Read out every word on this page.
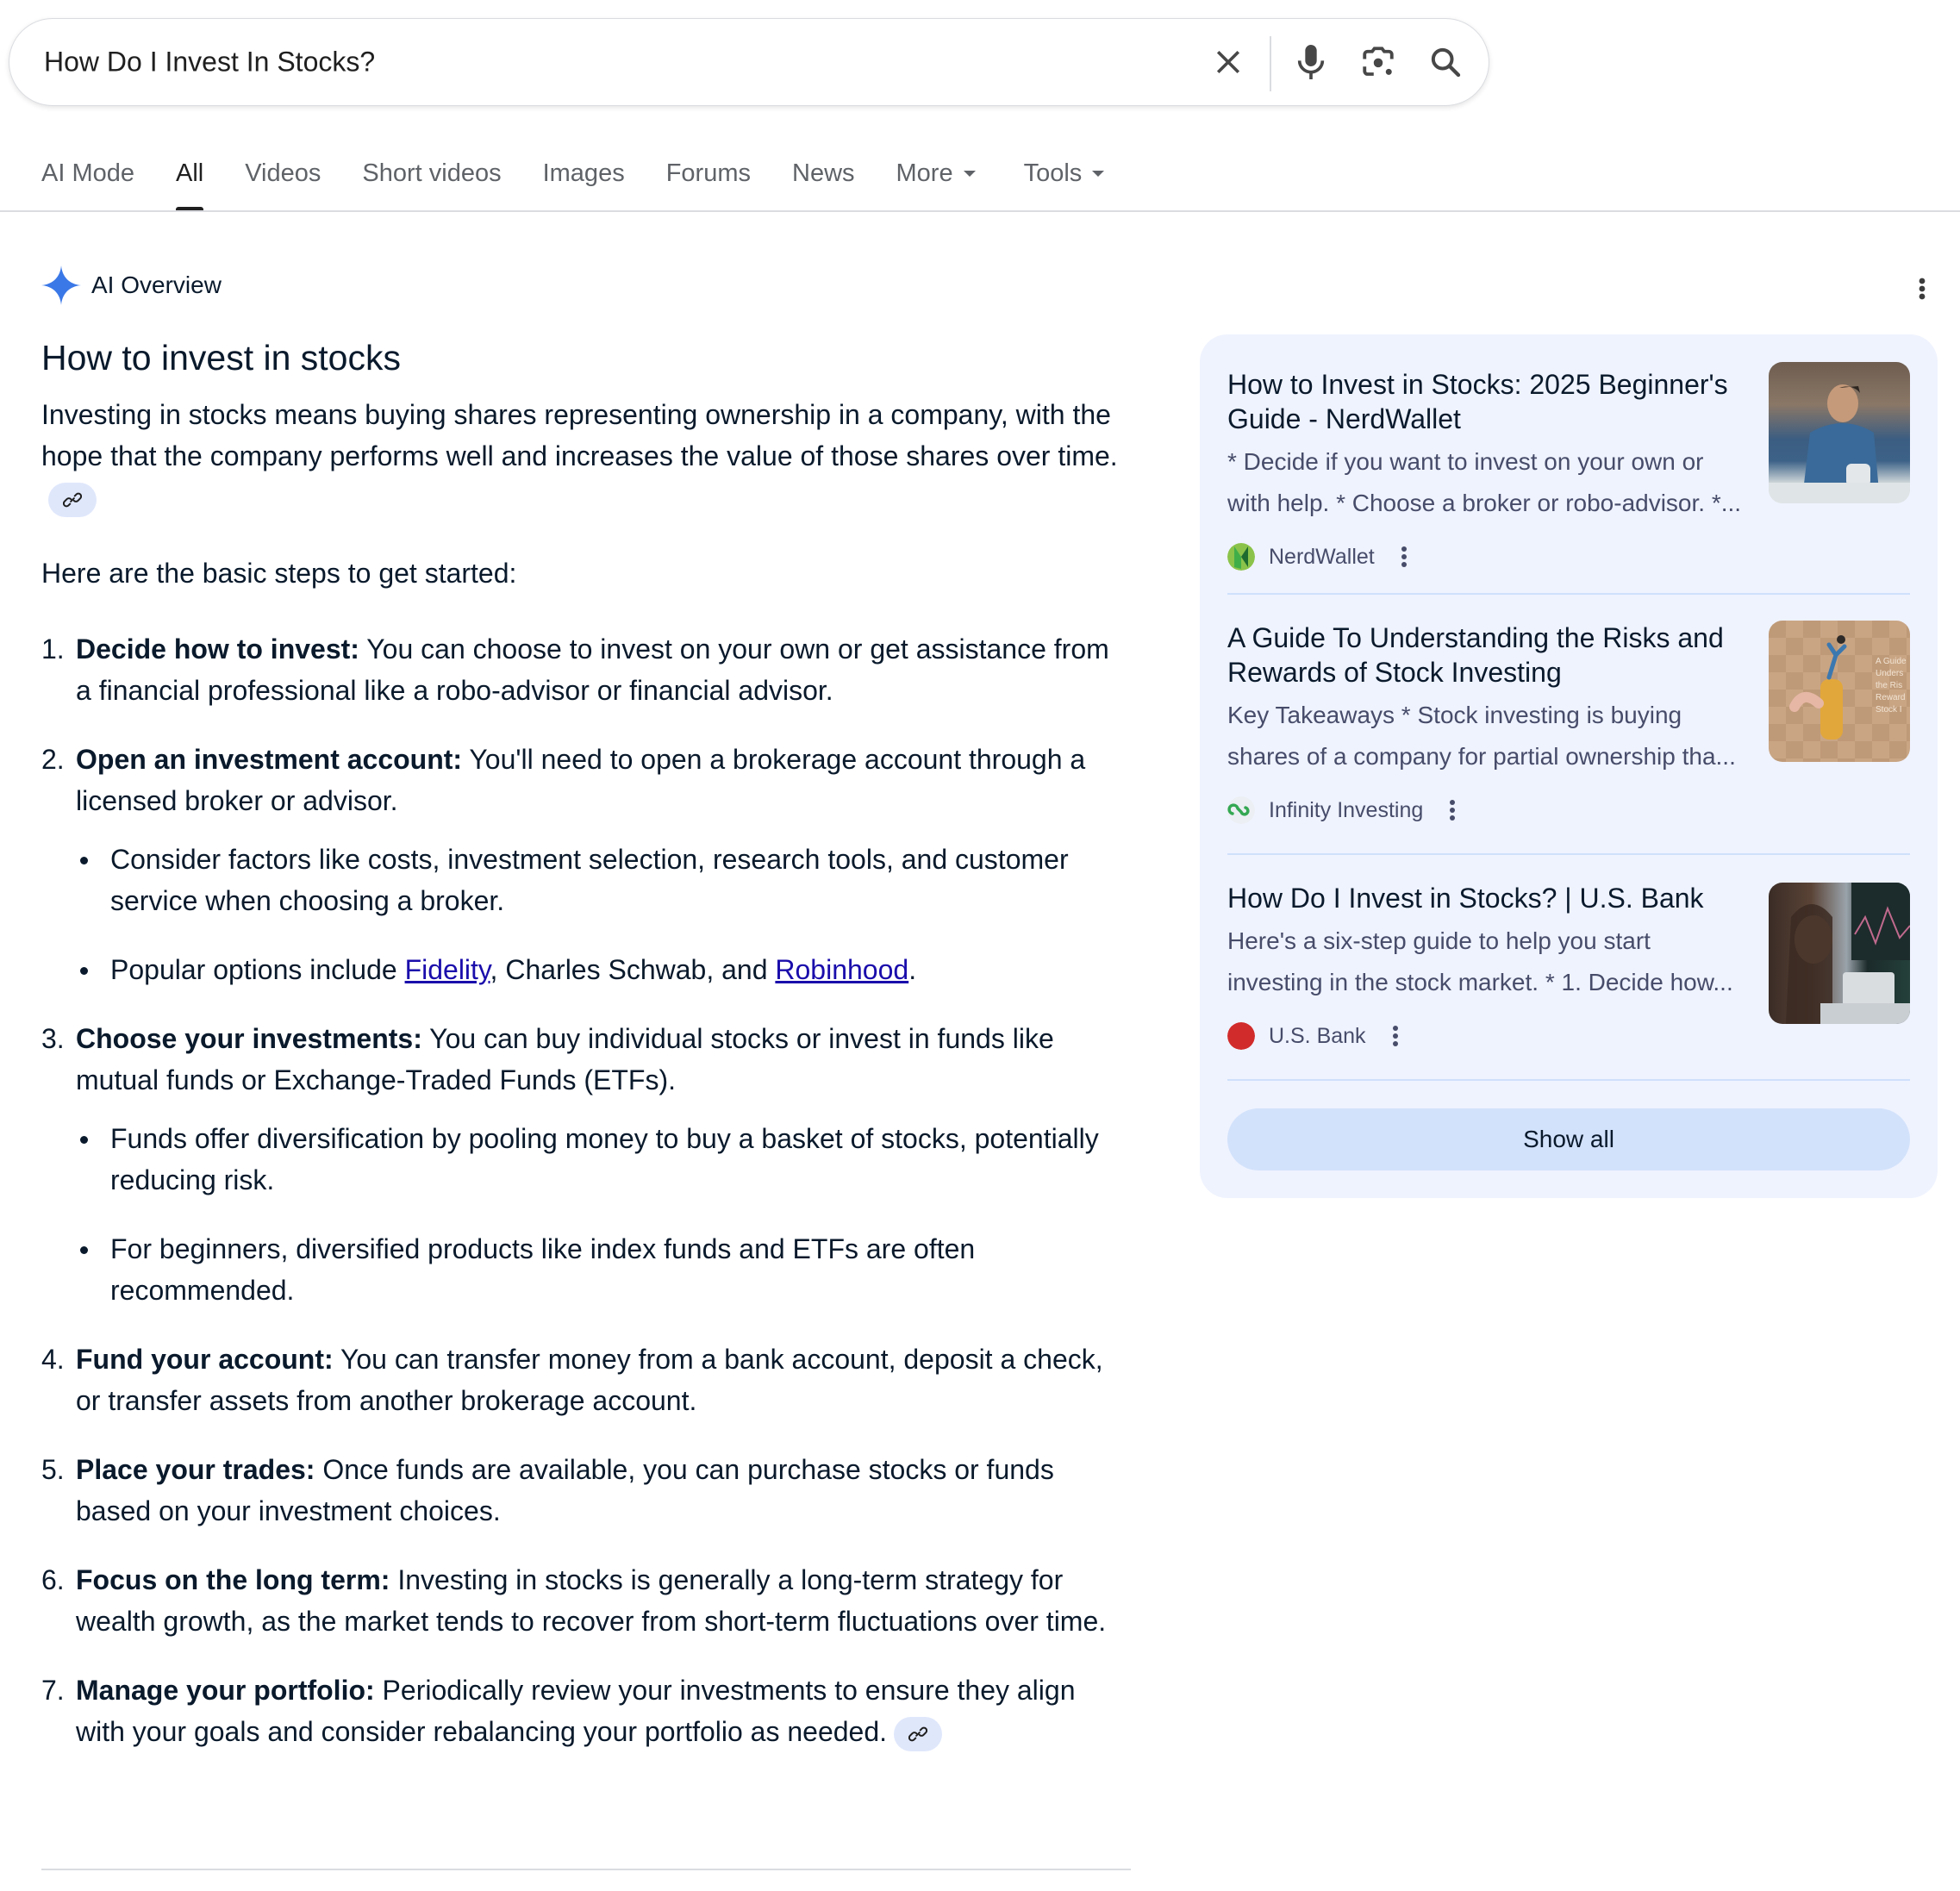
How Do I Invest In Stocks?
AI Mode All Videos Short videos Images Forums News More	Tools
AI Overview
How to invest in stocks

Investing in stocks means buying shares representing ownership in a company, with the hope that the company performs well and increases the value of those shares over time.

Here are the basic steps to get started:

1. Decide how to invest: You can choose to invest on your own or get assistance from a financial professional like a robo-advisor or financial advisor.
2. Open an investment account: You'll need to open a brokerage account through a licensed broker or advisor.
Consider factors like costs, investment selection, research tools, and customer service when choosing a broker.
Popular options include Fidelity, Charles Schwab, and Robinhood.
3. Choose your investments: You can buy individual stocks or invest in funds like mutual funds or Exchange-Traded Funds (ETFs).
Funds offer diversification by pooling money to buy a basket of stocks, potentially reducing risk.
For beginners, diversified products like index funds and ETFs are often recommended.
4. Fund your account: You can transfer money from a bank account, deposit a check, or transfer assets from another brokerage account.
5. Place your trades: Once funds are available, you can purchase stocks or funds based on your investment choices.
6. Focus on the long term: Investing in stocks is generally a long-term strategy for wealth growth, as the market tends to recover from short-term fluctuations over time.
7. Manage your portfolio: Periodically review your investments to ensure they align with your goals and consider rebalancing your portfolio as needed.
How to Invest in Stocks: 2025 Beginner's Guide - NerdWallet
* Decide if you want to invest on your own or
with help. * Choose a broker or robo-advisor. *...
NerdWallet
A Guide To Understanding the Risks and Rewards of Stock Investing
Key Takeaways * Stock investing is buying
shares of a company for partial ownership tha...
Infinity Investing
A Guide
Unders
the Ris
Reward
Stock I
How Do I Invest in Stocks? | U.S. Bank
Here's a six-step guide to help you start
investing in the stock market. * 1. Decide how...
U.S. Bank
Show all
